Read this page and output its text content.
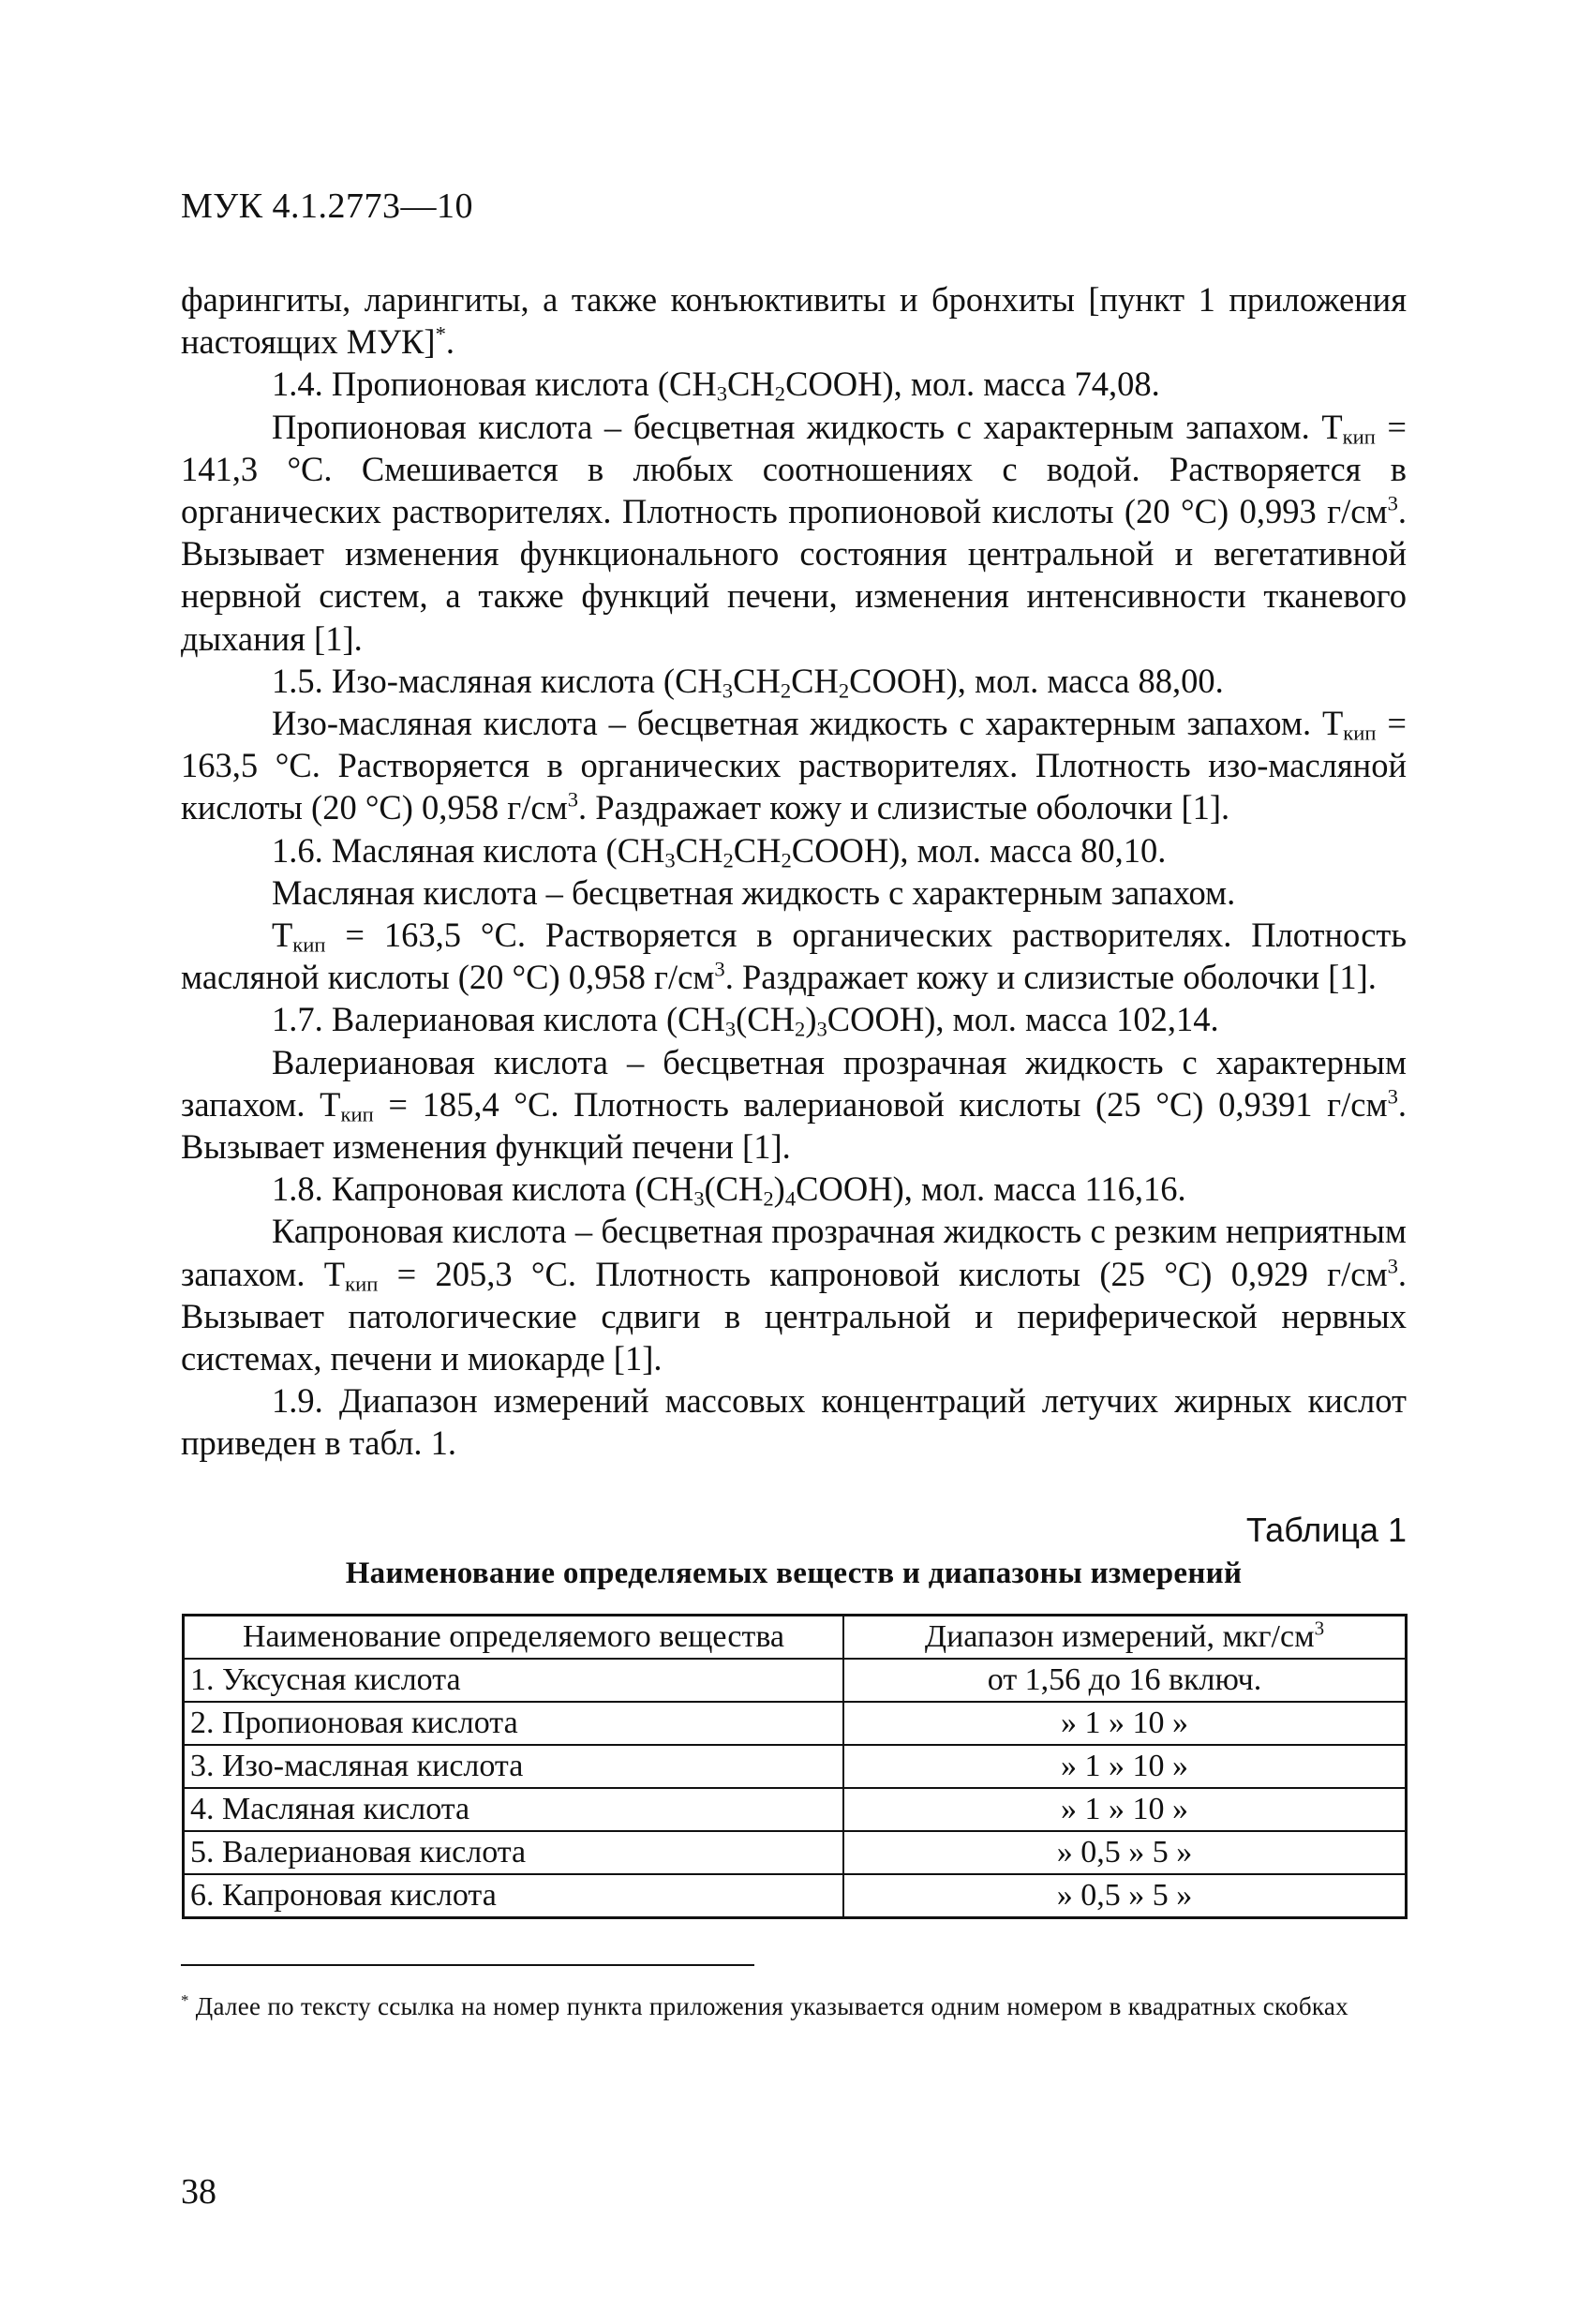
МУК 4.1.2773—10

фарингиты, ларингиты, а также конъюктивиты и бронхиты [пункт 1 приложения настоящих МУК]*.

1.4. Пропионовая кислота $(CH_3CH_2COOH)$, мол. масса 74,08.

Пропионовая кислота – бесцветная жидкость с характерным запахом. $T_{кип} = 141,3$ °C. Смешивается в любых соотношениях с водой. Растворяется в органических растворителях. Плотность пропионовой кислоты (20 °C) 0,993 $г/см^3$. Вызывает изменения функционального состояния центральной и вегетативной нервной систем, а также функций печени, изменения интенсивности тканевого дыхания [1].

1.5. Изо-масляная кислота $(CH_3CH_2CH_2COOH)$, мол. масса 88,00.

Изо-масляная кислота – бесцветная жидкость с характерным запахом. $T_{кип} = 163,5$ °C. Растворяется в органических растворителях. Плотность изо-масляной кислоты (20 °C) 0,958 $г/см^3$. Раздражает кожу и слизистые оболочки [1].

1.6. Масляная кислота $(CH_3CH_2CH_2COOH)$, мол. масса 80,10.

Масляная кислота – бесцветная жидкость с характерным запахом.

$T_{кип} = 163,5$ °C. Растворяется в органических растворителях. Плотность масляной кислоты (20 °C) 0,958 $г/см^3$. Раздражает кожу и слизистые оболочки [1].

1.7. Валериановая кислота $(CH_3(CH_2)_3COOH)$, мол. масса 102,14.

Валериановая кислота – бесцветная прозрачная жидкость с характерным запахом. $T_{кип} = 185,4$ °C. Плотность валериановой кислоты (25 °C) 0,9391 $г/см^3$. Вызывает изменения функций печени [1].

1.8. Капроновая кислота $(CH_3(CH_2)_4COOH)$, мол. масса 116,16.

Капроновая кислота – бесцветная прозрачная жидкость с резким неприятным запахом. $T_{кип} = 205,3$ °C. Плотность капроновой кислоты (25 °C) 0,929 $г/см^3$. Вызывает патологические сдвиги в центральной и периферической нервных системах, печени и миокарде [1].

1.9. Диапазон измерений массовых концентраций летучих жирных кислот приведен в табл. 1.

Таблица 1
Наименование определяемых веществ и диапазоны измерений
Наименование определяемого вещества	Диапазон измерений, мкг/$см^3$
1. Уксусная кислота	от 1,56 до 16 включ.
2. Пропионовая кислота	» 1 » 10 »
3. Изо-масляная кислота	» 1 » 10 »
4. Масляная кислота	» 1 » 10 »
5. Валериановая кислота	» 0,5 » 5 »
6. Капроновая кислота	» 0,5 » 5 »
* Далее по тексту ссылка на номер пункта приложения указывается одним номером в квадратных скобках
38
